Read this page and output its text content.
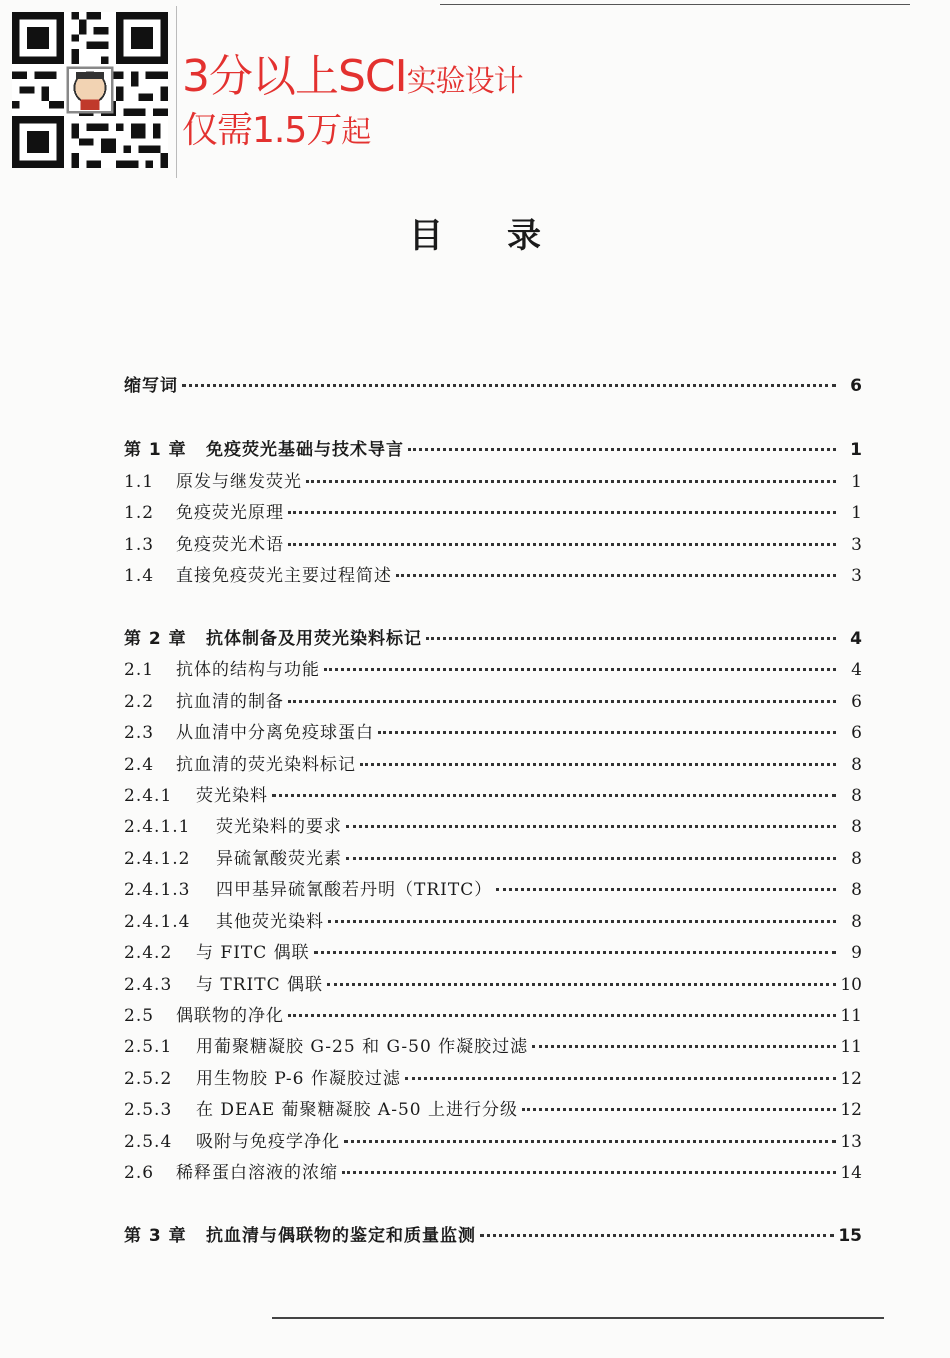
3分以上SCI实验设计
仅需1.5万起
目录
缩写词	6
第 1 章	免疫荧光基础与技术导言	1
1.1	原发与继发荧光	1
1.2	免疫荧光原理	1
1.3	免疫荧光术语	3
1.4	直接免疫荧光主要过程简述	3
第 2 章	抗体制备及用荧光染料标记	4
2.1	抗体的结构与功能	4
2.2	抗血清的制备	6
2.3	从血清中分离免疫球蛋白	6
2.4	抗血清的荧光染料标记	8
2.4.1	荧光染料	8
2.4.1.1	荧光染料的要求	8
2.4.1.2	异硫氰酸荧光素	8
2.4.1.3	四甲基异硫氰酸若丹明（TRITC）	8
2.4.1.4	其他荧光染料	8
2.4.2	与 FITC 偶联	9
2.4.3	与 TRITC 偶联	10
2.5	偶联物的净化	11
2.5.1	用葡聚糖凝胶 G-25 和 G-50 作凝胶过滤	11
2.5.2	用生物胶 P-6 作凝胶过滤	12
2.5.3	在 DEAE 葡聚糖凝胶 A-50 上进行分级	12
2.5.4	吸附与免疫学净化	13
2.6	稀释蛋白溶液的浓缩	14
第 3 章	抗血清与偶联物的鉴定和质量监测	15
